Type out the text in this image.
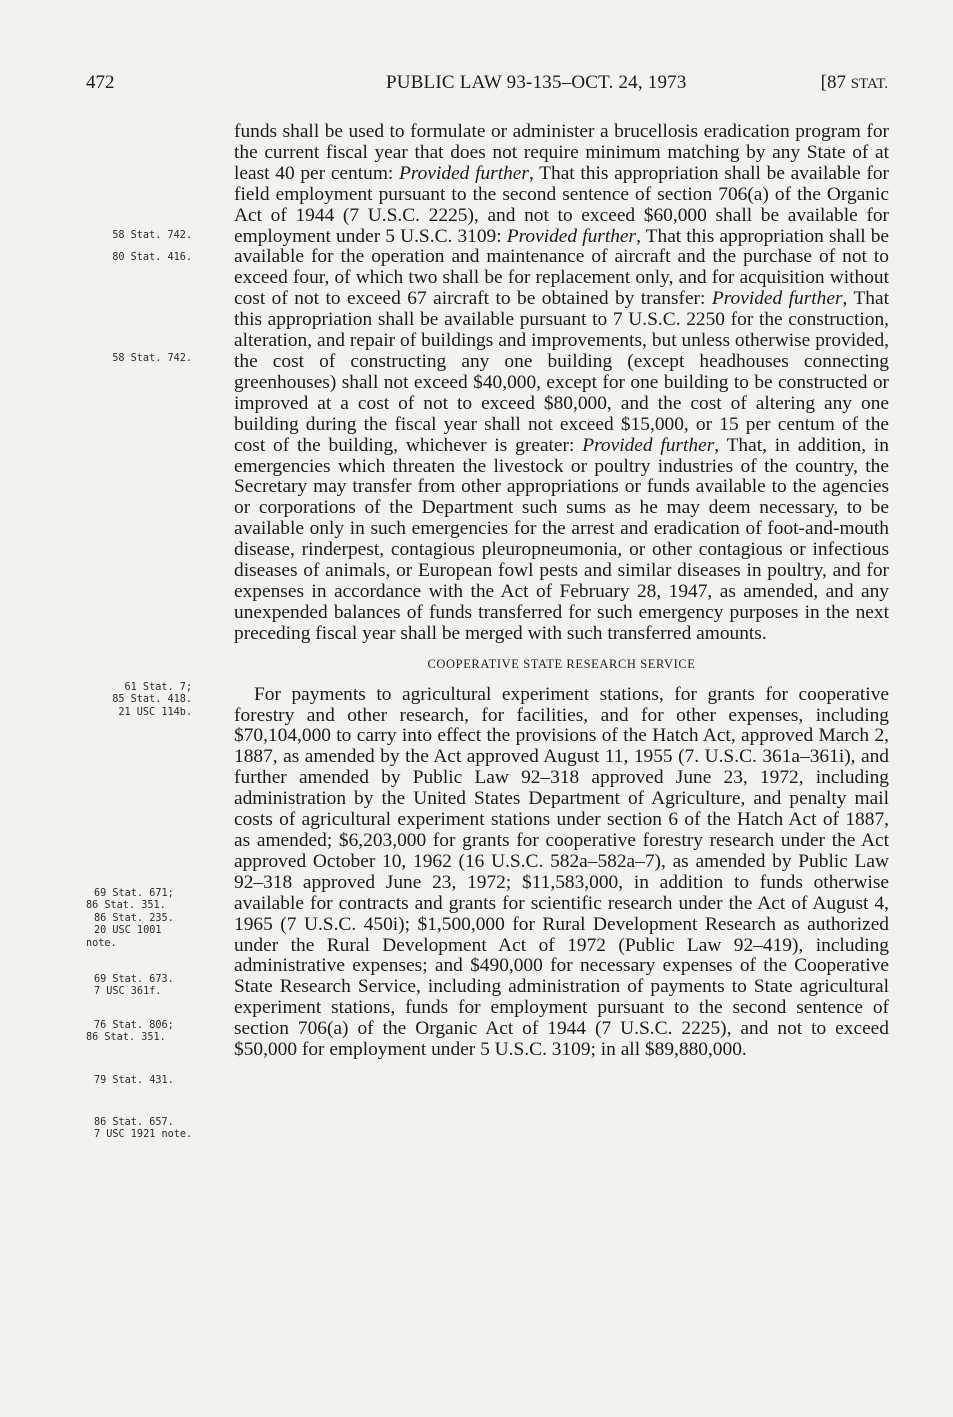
472	PUBLIC LAW 93-135–OCT. 24, 1973	[87 STAT.
58 Stat. 742.
80 Stat. 416.
58 Stat. 742.
61 Stat. 7;
85 Stat. 418.
21 USC 114b.
69 Stat. 671;
86 Stat. 351.
86 Stat. 235.
20 USC 1001
note.
69 Stat. 673.
7 USC 361f.
76 Stat. 806;
86 Stat. 351.
79 Stat. 431.
86 Stat. 657.
7 USC 1921 note.

funds shall be used to formulate or administer a brucellosis eradication program for the current fiscal year that does not require minimum matching by any State of at least 40 per centum: Provided further, That this appropriation shall be available for field employment pursuant to the second sentence of section 706(a) of the Organic Act of 1944 (7 U.S.C. 2225), and not to exceed $60,000 shall be available for employment under 5 U.S.C. 3109: Provided further, That this appropriation shall be available for the operation and maintenance of aircraft and the purchase of not to exceed four, of which two shall be for replacement only, and for acquisition without cost of not to exceed 67 aircraft to be obtained by transfer: Provided further, That this appropriation shall be available pursuant to 7 U.S.C. 2250 for the construction, alteration, and repair of buildings and improvements, but unless otherwise provided, the cost of constructing any one building (except headhouses connecting greenhouses) shall not exceed $40,000, except for one building to be constructed or improved at a cost of not to exceed $80,000, and the cost of altering any one building during the fiscal year shall not exceed $15,000, or 15 per centum of the cost of the building, whichever is greater: Provided further, That, in addition, in emergencies which threaten the livestock or poultry industries of the country, the Secretary may transfer from other appropriations or funds available to the agencies or corporations of the Department such sums as he may deem necessary, to be available only in such emergencies for the arrest and eradication of foot-and-mouth disease, rinderpest, contagious pleuropneumonia, or other contagious or infectious diseases of animals, or European fowl pests and similar diseases in poultry, and for expenses in accordance with the Act of February 28, 1947, as amended, and any unexpended balances of funds transferred for such emergency purposes in the next preceding fiscal year shall be merged with such transferred amounts.

COOPERATIVE STATE RESEARCH SERVICE

For payments to agricultural experiment stations, for grants for cooperative forestry and other research, for facilities, and for other expenses, including $70,104,000 to carry into effect the provisions of the Hatch Act, approved March 2, 1887, as amended by the Act approved August 11, 1955 (7. U.S.C. 361a–361i), and further amended by Public Law 92–318 approved June 23, 1972, including administration by the United States Department of Agriculture, and penalty mail costs of agricultural experiment stations under section 6 of the Hatch Act of 1887, as amended; $6,203,000 for grants for cooperative forestry research under the Act approved October 10, 1962 (16 U.S.C. 582a–582a–7), as amended by Public Law 92–318 approved June 23, 1972; $11,583,000, in addition to funds otherwise available for contracts and grants for scientific research under the Act of August 4, 1965 (7 U.S.C. 450i); $1,500,000 for Rural Development Research as authorized under the Rural Development Act of 1972 (Public Law 92–419), including administrative expenses; and $490,000 for necessary expenses of the Cooperative State Research Service, including administration of payments to State agricultural experiment stations, funds for employment pursuant to the second sentence of section 706(a) of the Organic Act of 1944 (7 U.S.C. 2225), and not to exceed $50,000 for employment under 5 U.S.C. 3109; in all $89,880,000.
